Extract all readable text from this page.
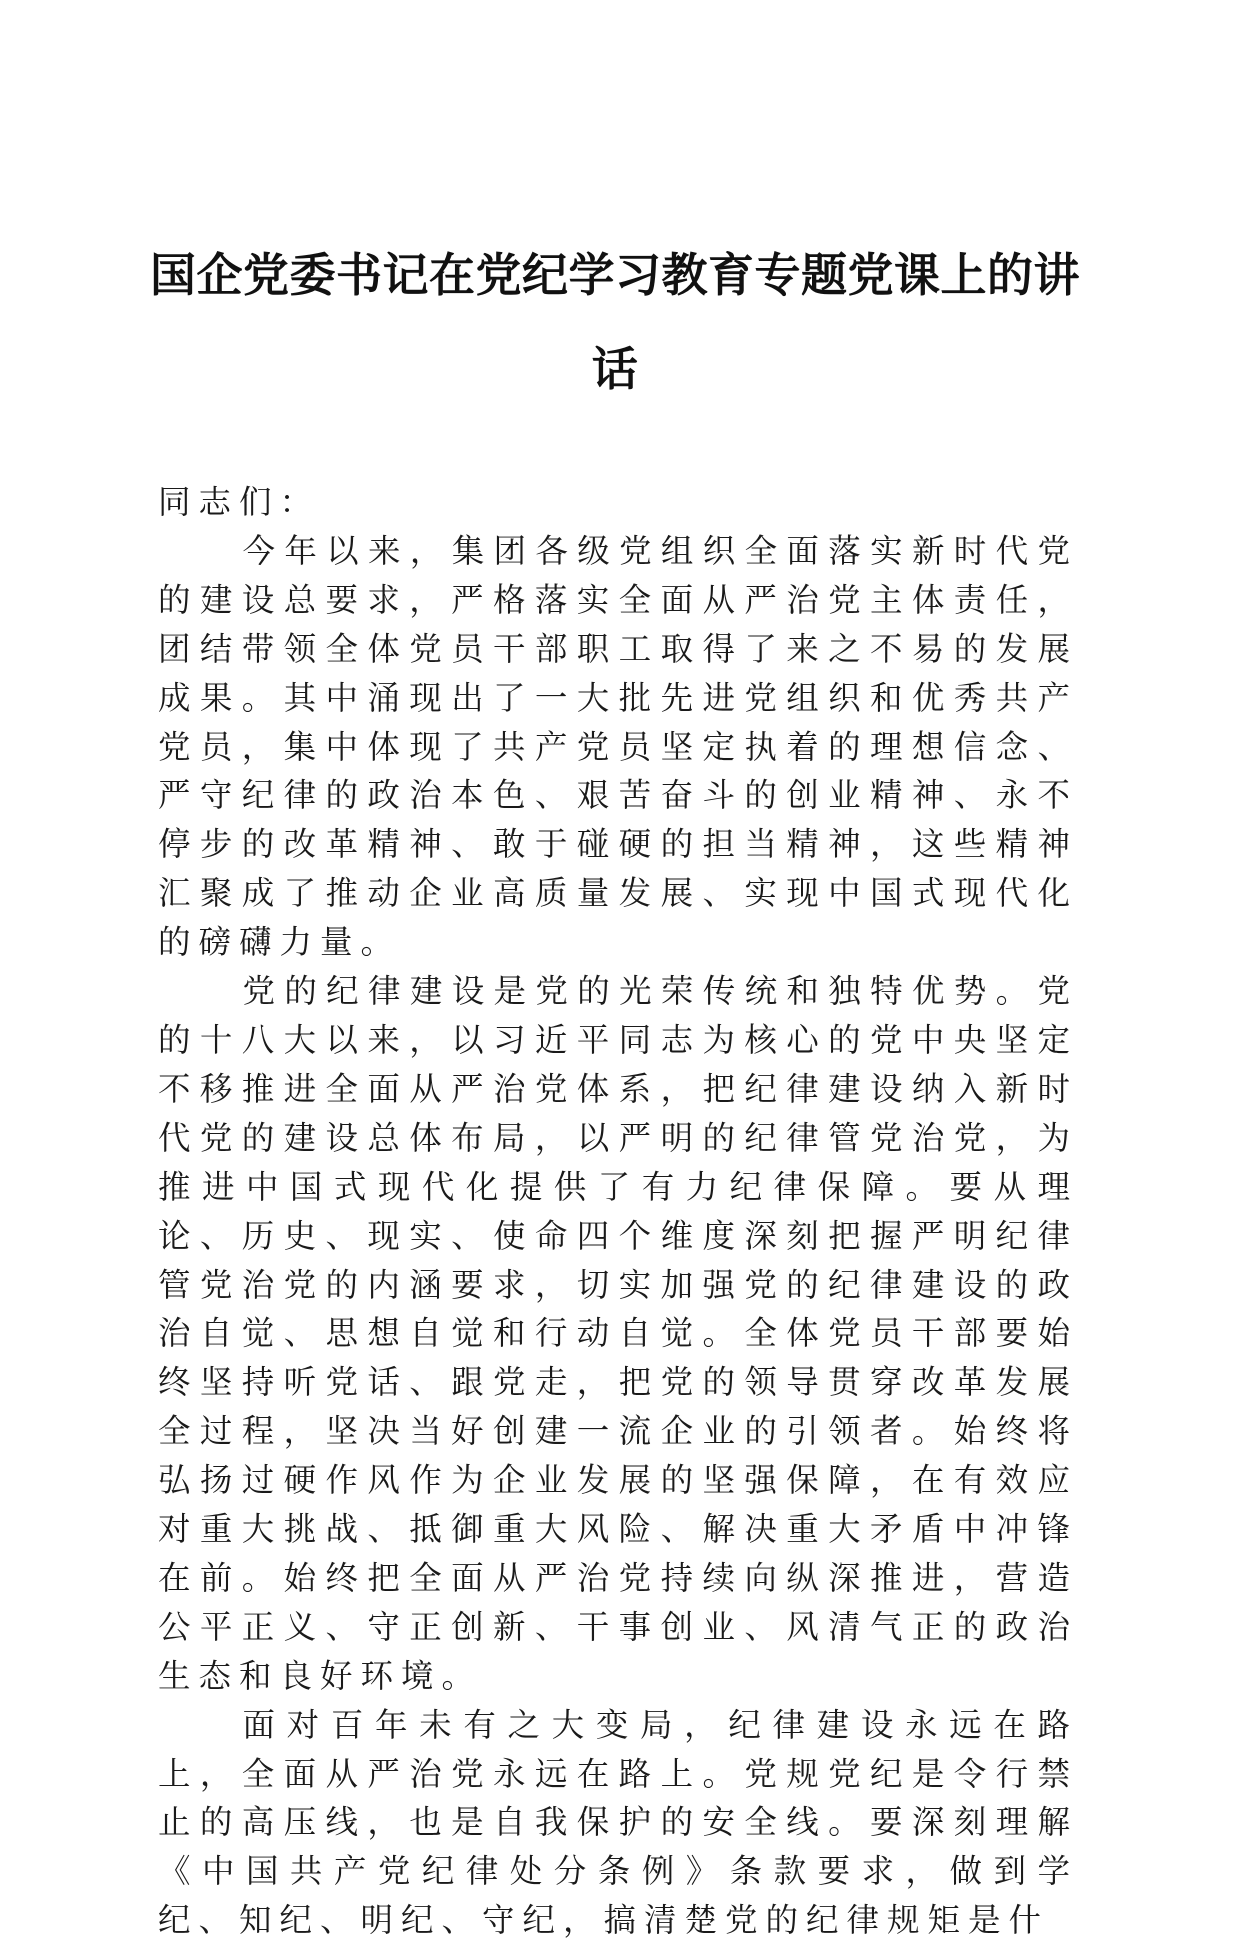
国企党委书记在党纪学习教育专题党课上的讲话

同志们：

今年以来，集团各级党组织全面落实新时代党的建设总要求，严格落实全面从严治党主体责任，团结带领全体党员干部职工取得了来之不易的发展成果。其中涌现出了一大批先进党组织和优秀共产党员，集中体现了共产党员坚定执着的理想信念、严守纪律的政治本色、艰苦奋斗的创业精神、永不停步的改革精神、敢于碰硬的担当精神，这些精神汇聚成了推动企业高质量发展、实现中国式现代化的磅礴力量。

党的纪律建设是党的光荣传统和独特优势。党的十八大以来，以习近平同志为核心的党中央坚定不移推进全面从严治党体系，把纪律建设纳入新时代党的建设总体布局，以严明的纪律管党治党，为推进中国式现代化提供了有力纪律保障。要从理论、历史、现实、使命四个维度深刻把握严明纪律管党治党的内涵要求，切实加强党的纪律建设的政治自觉、思想自觉和行动自觉。全体党员干部要始终坚持听党话、跟党走，把党的领导贯穿改革发展全过程，坚决当好创建一流企业的引领者。始终将弘扬过硬作风作为企业发展的坚强保障，在有效应对重大挑战、抵御重大风险、解决重大矛盾中冲锋在前。始终把全面从严治党持续向纵深推进，营造公平正义、守正创新、干事创业、风清气正的政治生态和良好环境。

面对百年未有之大变局，纪律建设永远在路上，全面从严治党永远在路上。党规党纪是令行禁止的高压线，也是自我保护的安全线。要深刻理解《中国共产党纪律处分条例》条款要求，做到学纪、知纪、明纪、守纪，搞清楚党的纪律规矩是什
